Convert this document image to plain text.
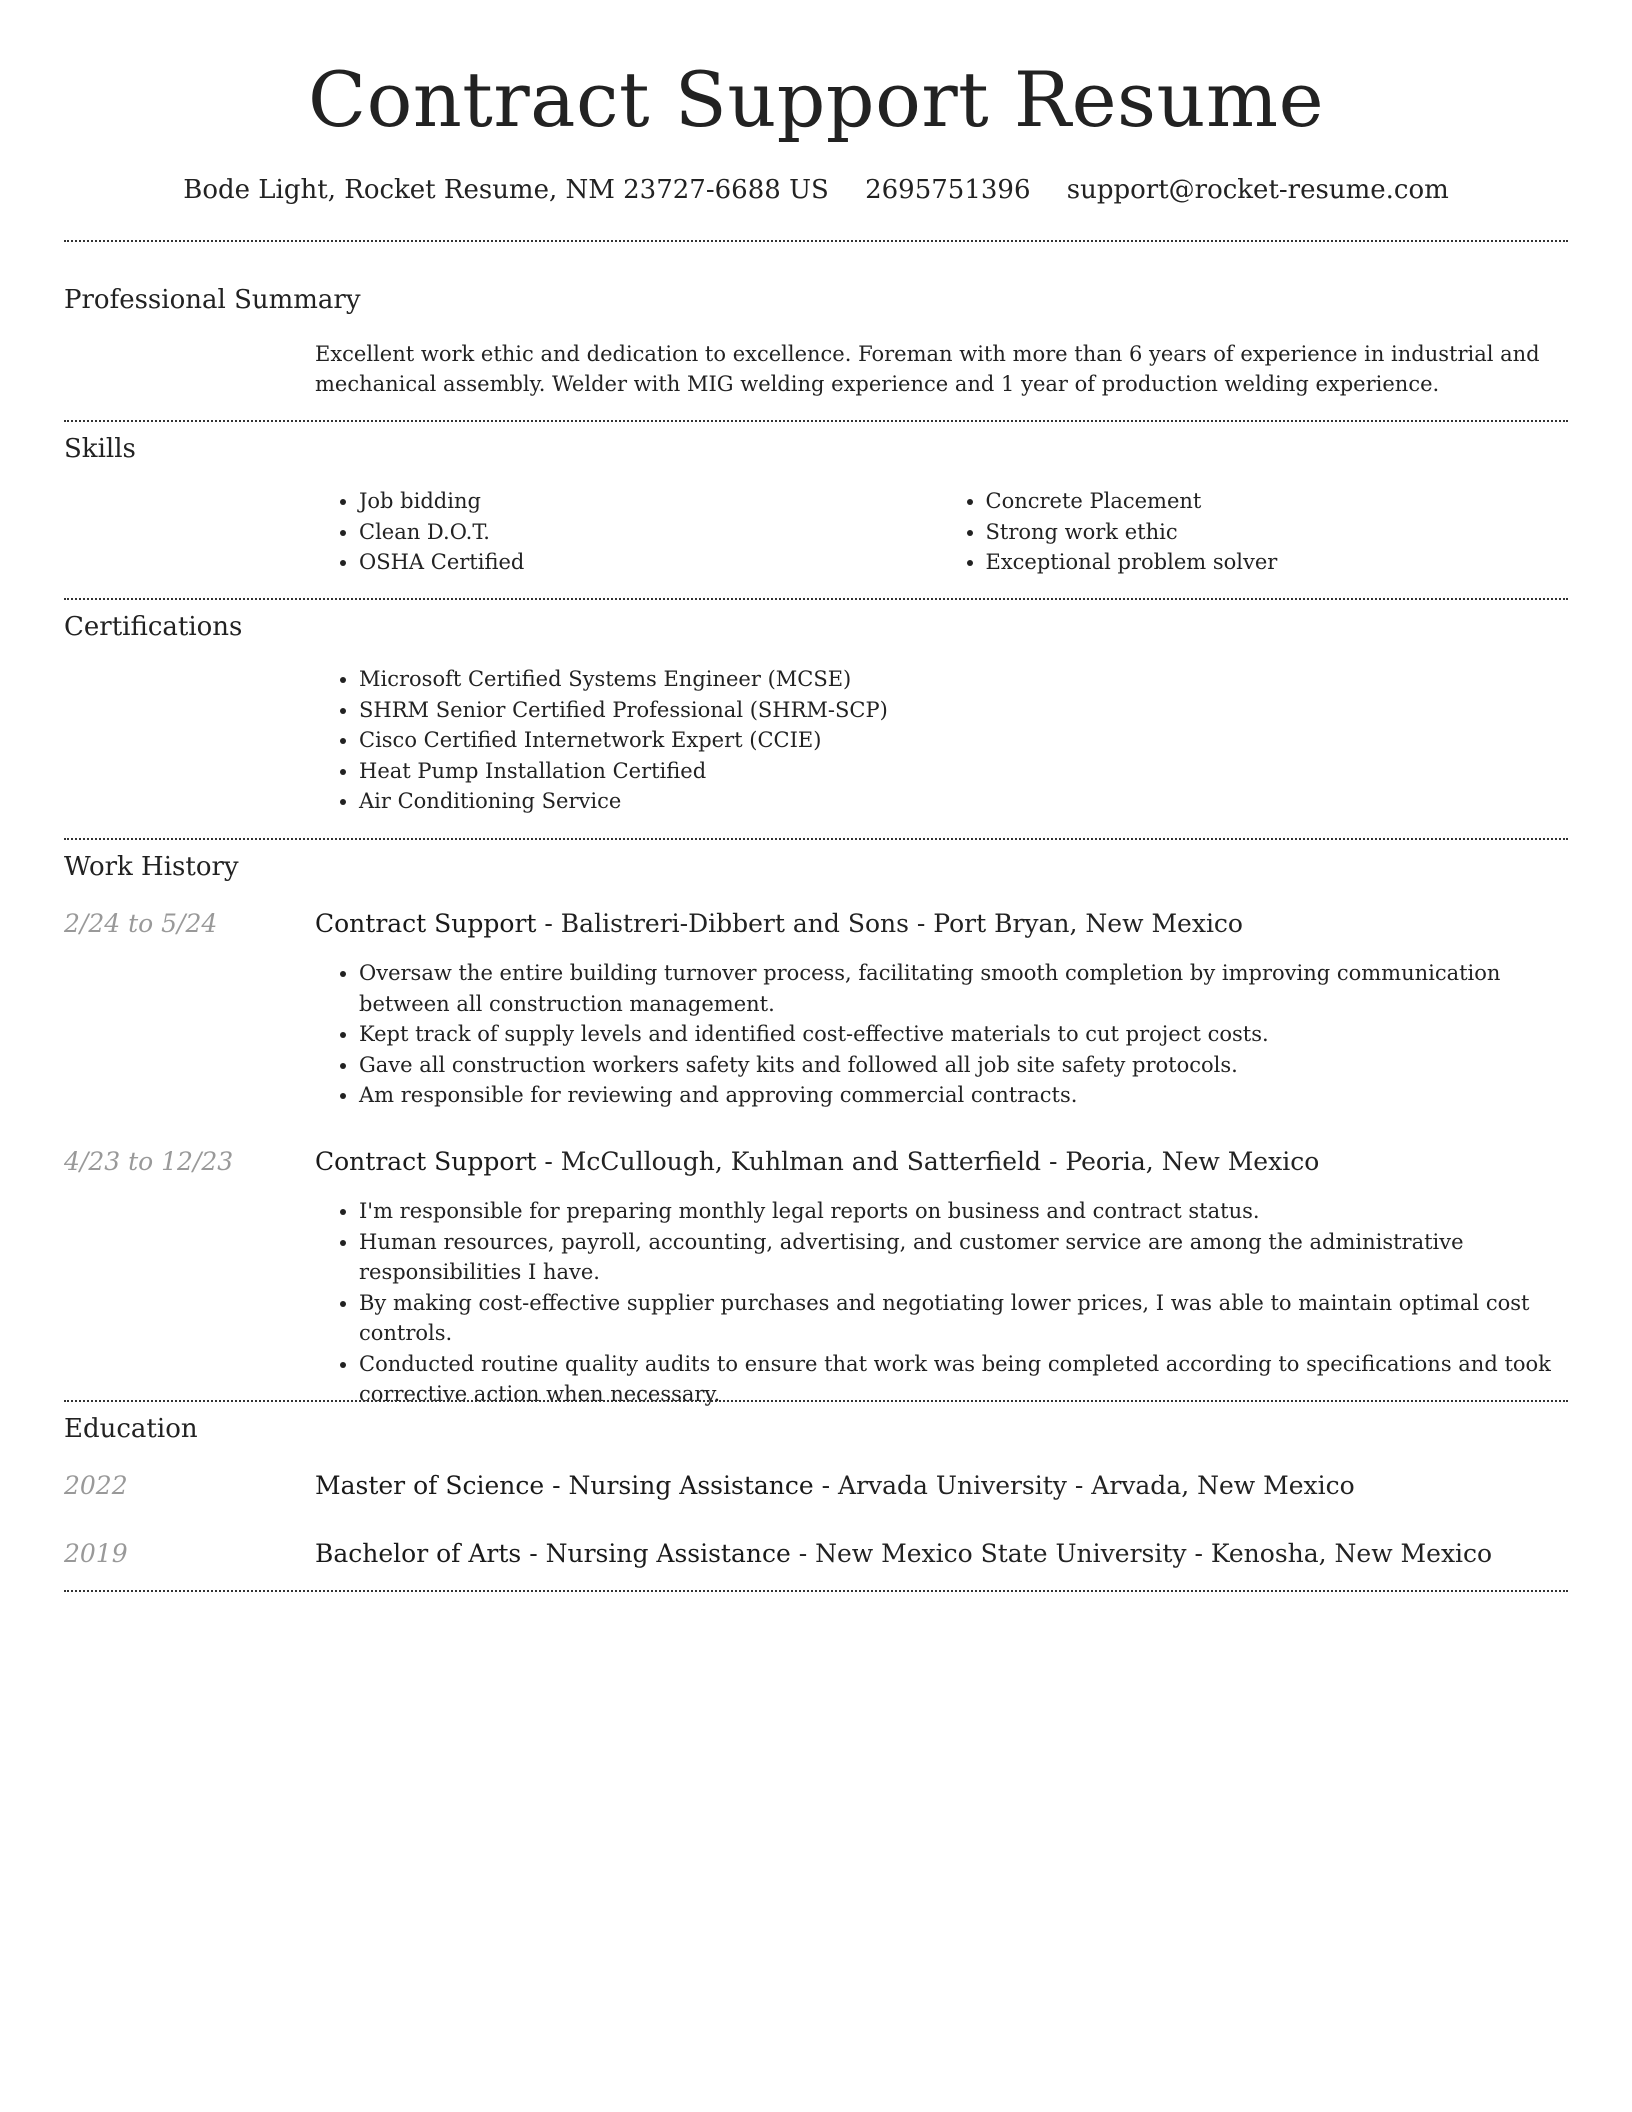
Contract Support Resume
Bode Light, Rocket Resume, NM 23727-6688 US 2695751396 support@rocket-resume.com
Professional Summary

Excellent work ethic and dedication to excellence. Foreman with more than 6 years of experience in industrial and mechanical assembly. Welder with MIG welding experience and 1 year of production welding experience.

Skills
• Job bidding
• Clean D.O.T.
• OSHA Certified
• Concrete Placement
• Strong work ethic
• Exceptional problem solver
Certifications
• Microsoft Certified Systems Engineer (MCSE)
• SHRM Senior Certified Professional (SHRM-SCP)
• Cisco Certified Internetwork Expert (CCIE)
• Heat Pump Installation Certified
• Air Conditioning Service
Work History
2/24 to 5/24	Contract Support - Balistreri-Dibbert and Sons - Port Bryan, New Mexico
• Oversaw the entire building turnover process, facilitating smooth completion by improving communication between all construction management.
• Kept track of supply levels and identified cost-effective materials to cut project costs.
• Gave all construction workers safety kits and followed all job site safety protocols.
• Am responsible for reviewing and approving commercial contracts.
4/23 to 12/23	Contract Support - McCullough, Kuhlman and Satterfield - Peoria, New Mexico
• I'm responsible for preparing monthly legal reports on business and contract status.
• Human resources, payroll, accounting, advertising, and customer service are among the administrative responsibilities I have.
• By making cost-effective supplier purchases and negotiating lower prices, I was able to maintain optimal cost controls.
• Conducted routine quality audits to ensure that work was being completed according to specifications and took corrective action when necessary.
Education
2022	Master of Science - Nursing Assistance - Arvada University - Arvada, New Mexico
2019	Bachelor of Arts - Nursing Assistance - New Mexico State University - Kenosha, New Mexico
